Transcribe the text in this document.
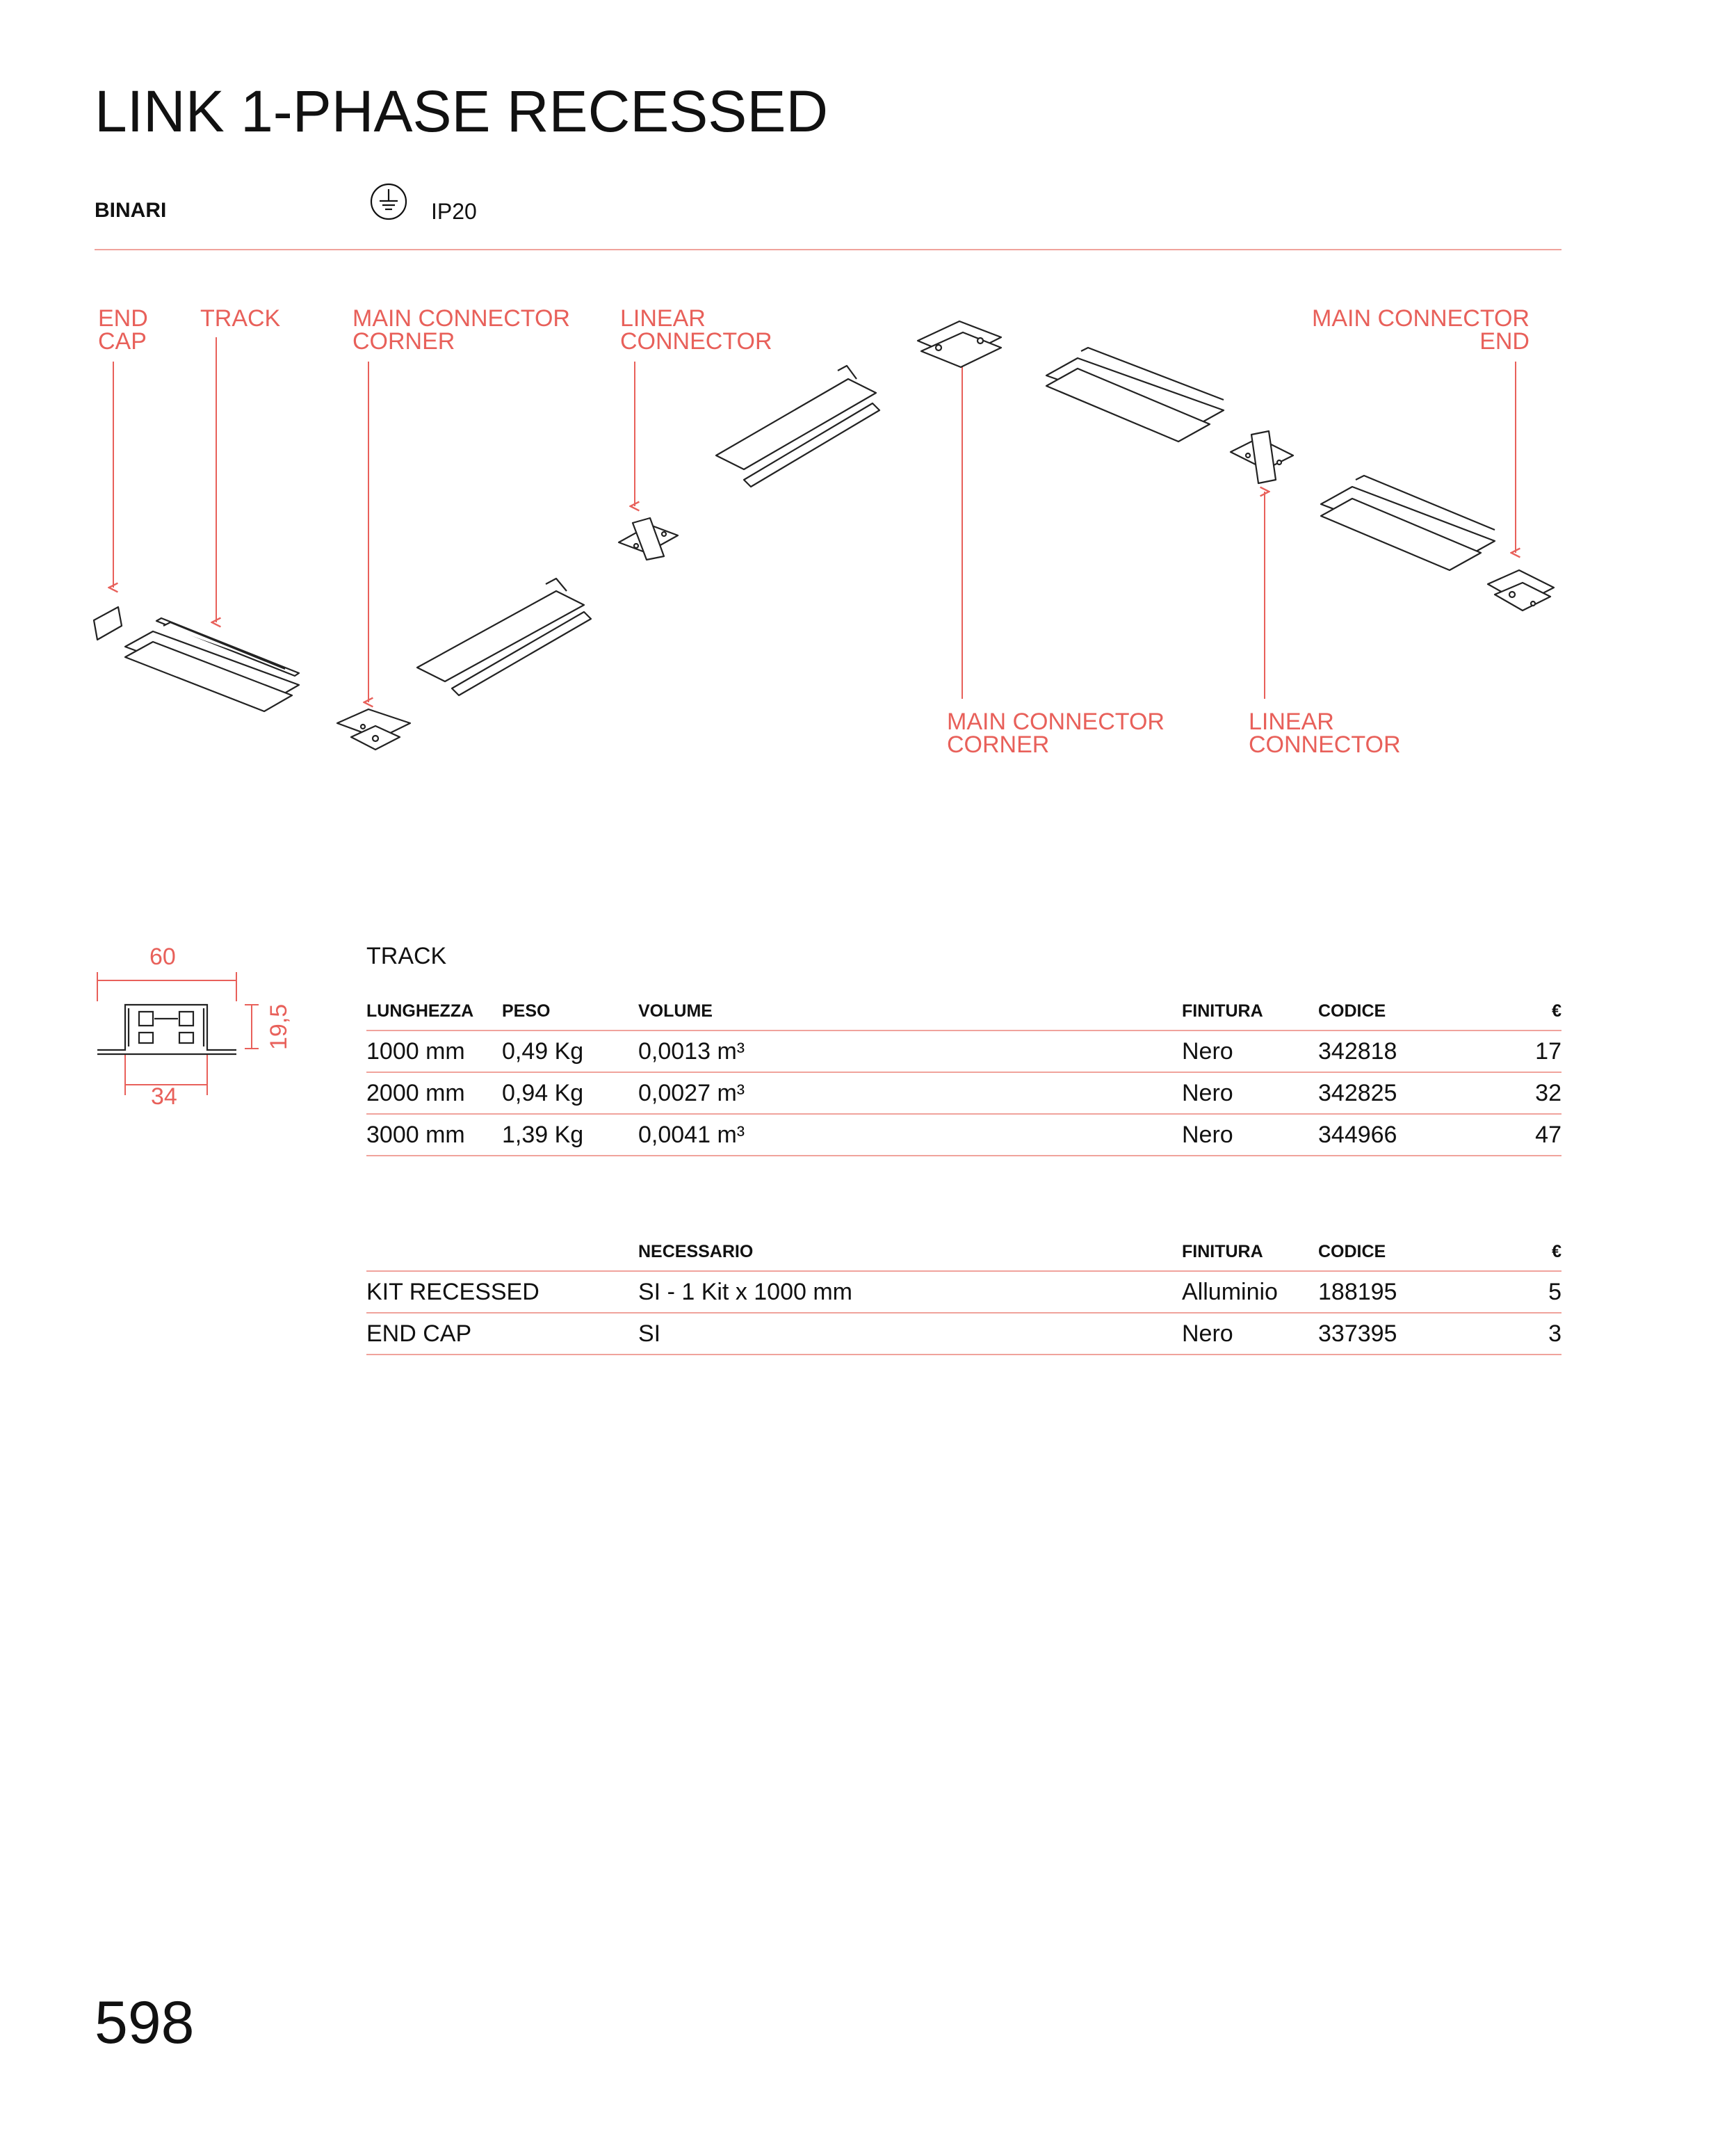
LINK 1-PHASE RECESSED
BINARI	IP20
END
CAP
TRACK	MAIN CONNECTOR
CORNER
LINEAR
CONNECTOR
MAIN CONNECTOR
END
MAIN CONNECTOR
CORNER
LINEAR
CONNECTOR
60
19,5
34
TRACK
LUNGHEZZA	PESO	VOLUME	FINITURA	CODICE	€
1000 mm	0,49 Kg	0,0013 m³	Nero	342818	17
2000 mm	0,94 Kg	0,0027 m³	Nero	342825	32
3000 mm	1,39 Kg	0,0041 m³	Nero	344966	47
	NECESSARIO	FINITURA	CODICE	€
KIT RECESSED	SI - 1 Kit x 1000 mm	Alluminio	188195	5
END CAP	SI	Nero	337395	3
598
